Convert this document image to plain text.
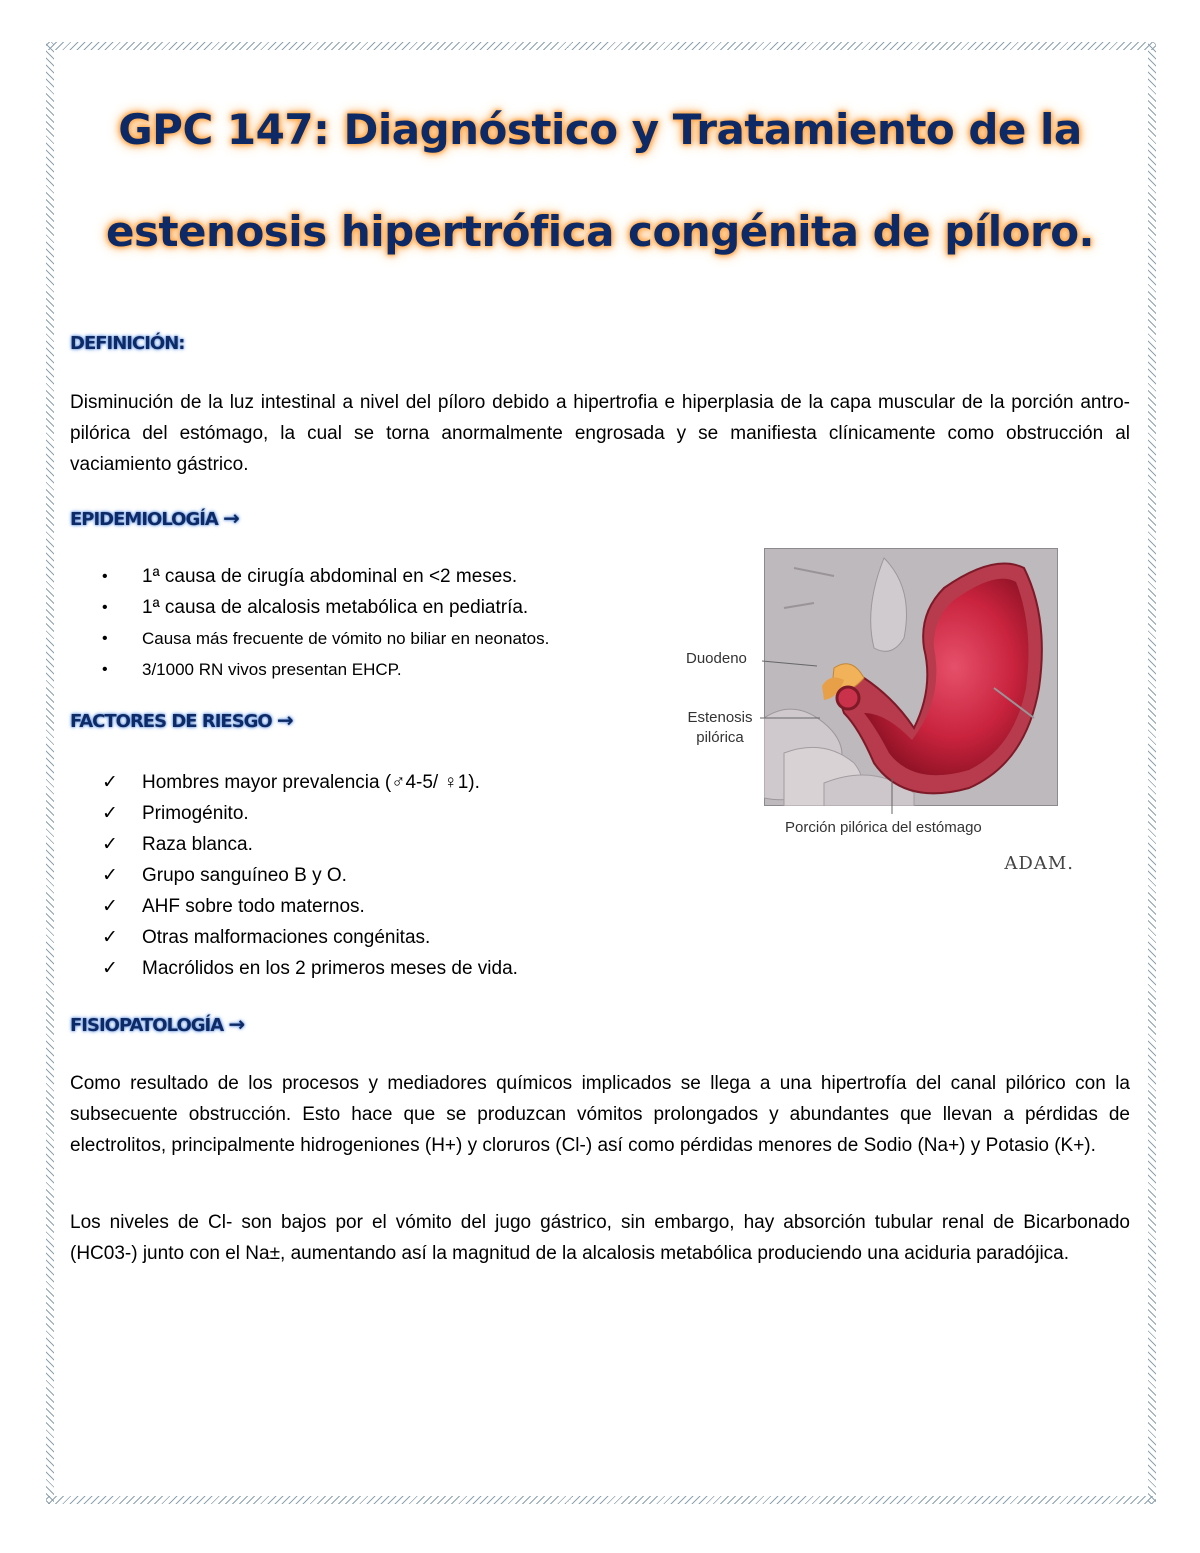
GPC 147: Diagnóstico y Tratamiento de la
estenosis hipertrófica congénita de píloro.
DEFINICIÓN:

Disminución de la luz intestinal a nivel del píloro debido a hipertrofia e hiperplasia de la capa muscular de la porción antro-pilórica del estómago, la cual se torna anormalmente engrosada y se manifiesta clínicamente como obstrucción al vaciamiento gástrico.

EPIDEMIOLOGÍA →
• 1ª causa de cirugía abdominal en <2 meses.
• 1ª causa de alcalosis metabólica en pediatría.
• Causa más frecuente de vómito no biliar en neonatos.
• 3/1000 RN vivos presentan EHCP.
FACTORES DE RIESGO →
✓ Hombres mayor prevalencia (♂4-5/ ♀1).
✓ Primogénito.
✓ Raza blanca.
✓ Grupo sanguíneo B y O.
✓ AHF sobre todo maternos.
✓ Otras malformaciones congénitas.
✓ Macrólidos en los 2 primeros meses de vida.
Duodeno
Estenosis
pilórica
Porción pilórica del estómago
ADAM.
FISIOPATOLOGÍA →

Como resultado de los procesos y mediadores químicos implicados se llega a una hipertrofía del canal pilórico con la subsecuente obstrucción. Esto hace que se produzcan vómitos prolongados y abundantes que llevan a pérdidas de electrolitos, principalmente hidrogeniones (H+) y cloruros (Cl-) así como pérdidas menores de Sodio (Na+) y Potasio (K+).

Los niveles de Cl- son bajos por el vómito del jugo gástrico, sin embargo, hay absorción tubular renal de Bicarbonado (HC03-) junto con el Na±, aumentando así la magnitud de la alcalosis metabólica produciendo una aciduria paradójica.
